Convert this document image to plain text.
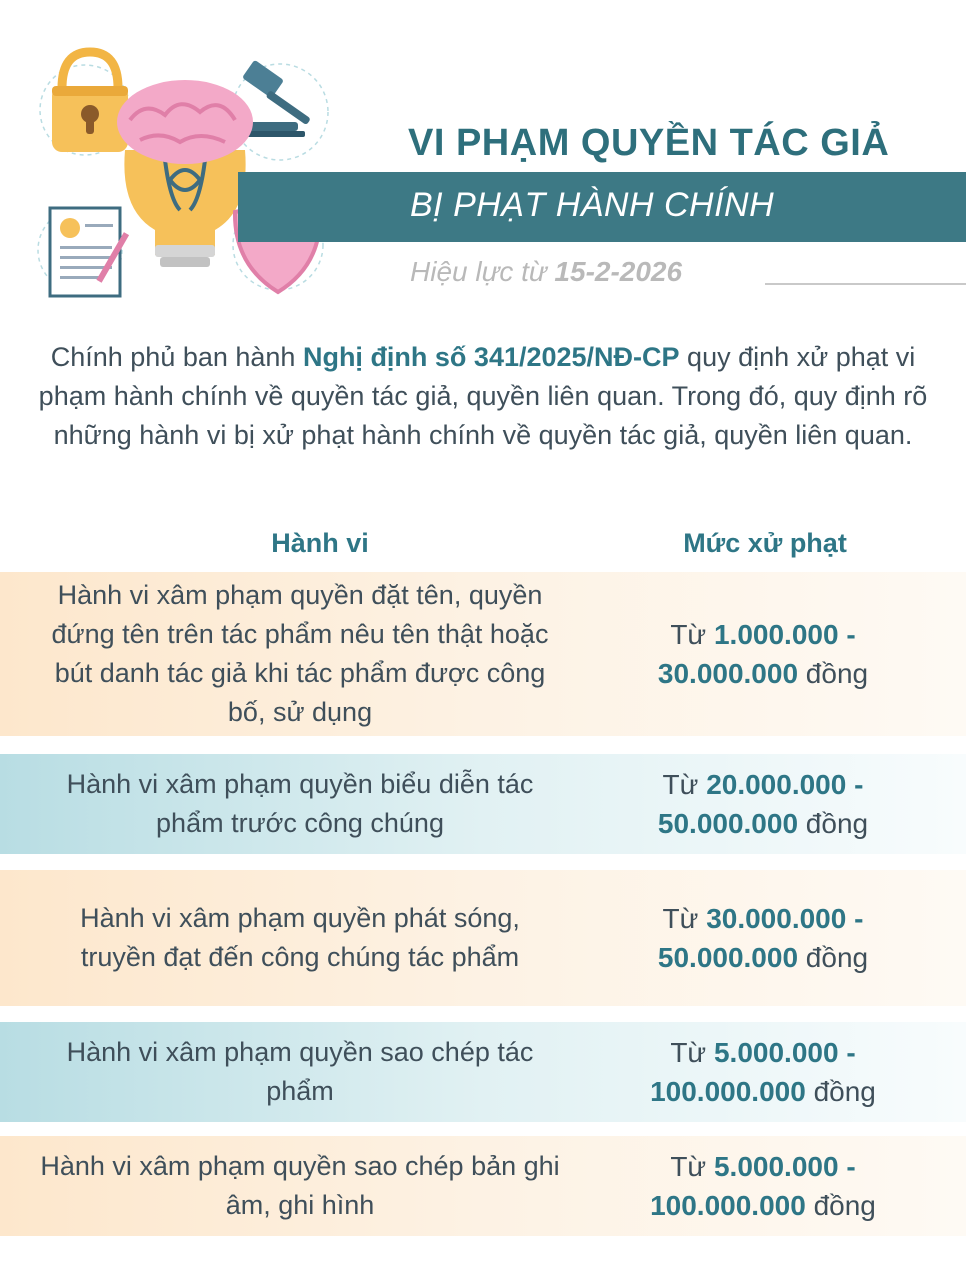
VI PHẠM QUYỀN TÁC GIẢ
BỊ PHẠT HÀNH CHÍNH
Hiệu lực từ 15-2-2026
Chính phủ ban hành Nghị định số 341/2025/NĐ-CP quy định xử phạt vi phạm hành chính về quyền tác giả, quyền liên quan. Trong đó, quy định rõ những hành vi bị xử phạt hành chính về quyền tác giả, quyền liên quan.
Hành vi	Mức xử phạt
Hành vi xâm phạm quyền đặt tên, quyền đứng tên trên tác phẩm nêu tên thật hoặc bút danh tác giả khi tác phẩm được công bố, sử dụng
Từ 1.000.000 -
30.000.000 đồng
Hành vi xâm phạm quyền biểu diễn tác phẩm trước công chúng
Từ 20.000.000 -
50.000.000 đồng
Hành vi xâm phạm quyền phát sóng, truyền đạt đến công chúng tác phẩm
Từ 30.000.000 -
50.000.000 đồng
Hành vi xâm phạm quyền sao chép tác phẩm
Từ 5.000.000 -
100.000.000 đồng
Hành vi xâm phạm quyền sao chép bản ghi âm, ghi hình
Từ 5.000.000 -
100.000.000 đồng
